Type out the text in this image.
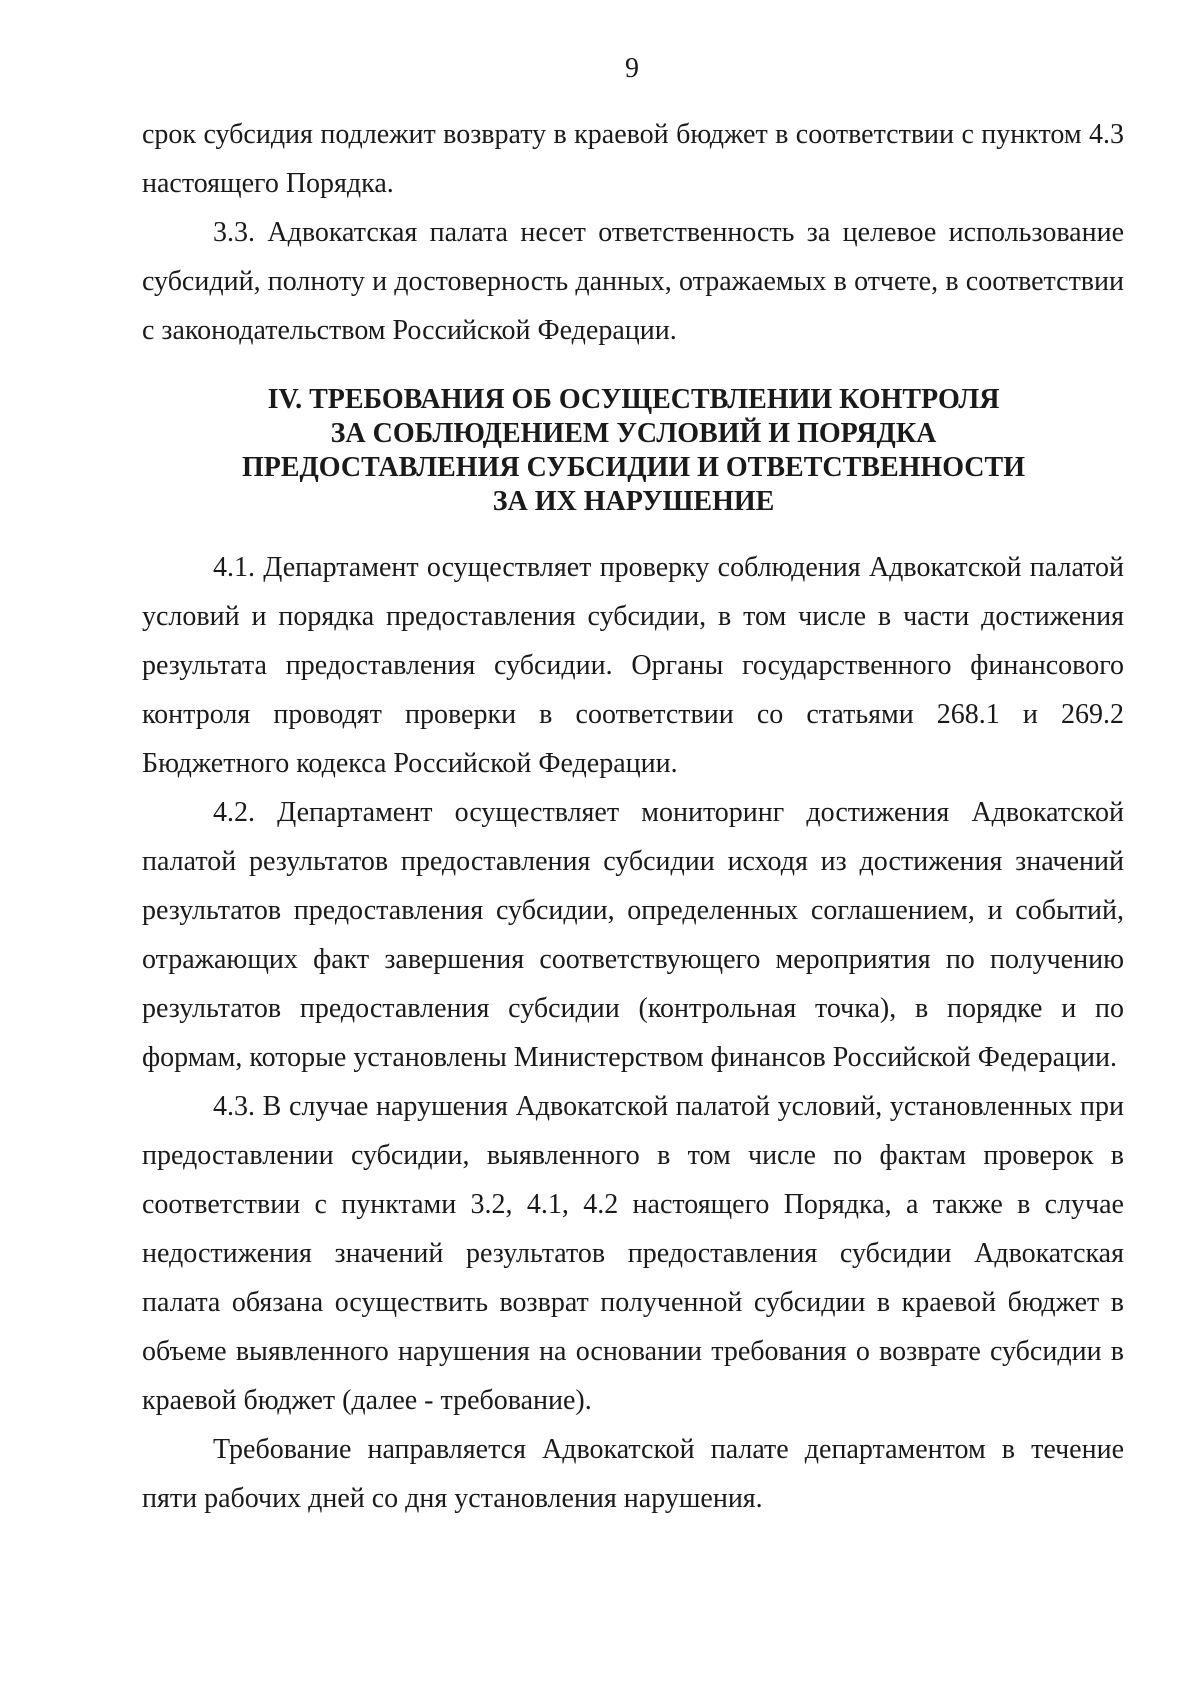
9

срок субсидия подлежит возврату в краевой бюджет в соответствии с пунктом 4.3 настоящего Порядка.

3.3. Адвокатская палата несет ответственность за целевое использование субсидий, полноту и достоверность данных, отражаемых в отчете, в соответствии с законодательством Российской Федерации.

IV. ТРЕБОВАНИЯ ОБ ОСУЩЕСТВЛЕНИИ КОНТРОЛЯ
ЗА СОБЛЮДЕНИЕМ УСЛОВИЙ И ПОРЯДКА
ПРЕДОСТАВЛЕНИЯ СУБСИДИИ И ОТВЕТСТВЕННОСТИ
ЗА ИХ НАРУШЕНИЕ

4.1. Департамент осуществляет проверку соблюдения Адвокатской палатой условий и порядка предоставления субсидии, в том числе в части достижения результата предоставления субсидии. Органы государственного финансового контроля проводят проверки в соответствии со статьями 268.1 и 269.2 Бюджетного кодекса Российской Федерации.

4.2. Департамент осуществляет мониторинг достижения Адвокатской палатой результатов предоставления субсидии исходя из достижения значений результатов предоставления субсидии, определенных соглашением, и событий, отражающих факт завершения соответствующего мероприятия по получению результатов предоставления субсидии (контрольная точка), в порядке и по формам, которые установлены Министерством финансов Российской Федерации.

4.3. В случае нарушения Адвокатской палатой условий, установленных при предоставлении субсидии, выявленного в том числе по фактам проверок в соответствии с пунктами 3.2, 4.1, 4.2 настоящего Порядка, а также в случае недостижения значений результатов предоставления субсидии Адвокатская палата обязана осуществить возврат полученной субсидии в краевой бюджет в объеме выявленного нарушения на основании требования о возврате субсидии в краевой бюджет (далее - требование).

Требование направляется Адвокатской палате департаментом в течение пяти рабочих дней со дня установления нарушения.
